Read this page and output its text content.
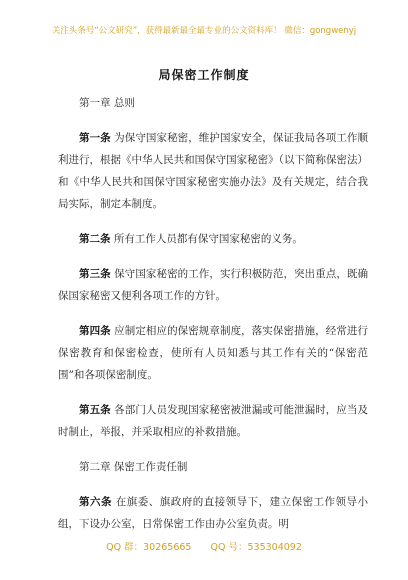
关注头条号“公文研究”，获得最新最全最专业的公文资料库！ 微信：gongwenyj
局保密工作制度

第一章 总则

第一条 为保守国家秘密，维护国家安全，保证我局各项工作顺利进行，根据《中华人民共和国保守国家秘密》（以下简称保密法）和《中华人民共和国保守国家秘密实施办法》及有关规定，结合我局实际，制定本制度。

第二条 所有工作人员都有保守国家秘密的义务。

第三条 保守国家秘密的工作，实行积极防范，突出重点，既确保国家秘密又便利各项工作的方针。

第四条 应制定相应的保密规章制度，落实保密措施，经常进行保密教育和保密检查，使所有人员知悉与其工作有关的“保密范围”和各项保密制度。

第五条 各部门人员发现国家秘密被泄漏或可能泄漏时，应当及时制止，举报，并采取相应的补救措施。

第二章 保密工作责任制

第六条 在旗委、旗政府的直接领导下，建立保密工作领导小组，下设办公室，日常保密工作由办公室负责。明

QQ 群：30265665 QQ 号：535304092
